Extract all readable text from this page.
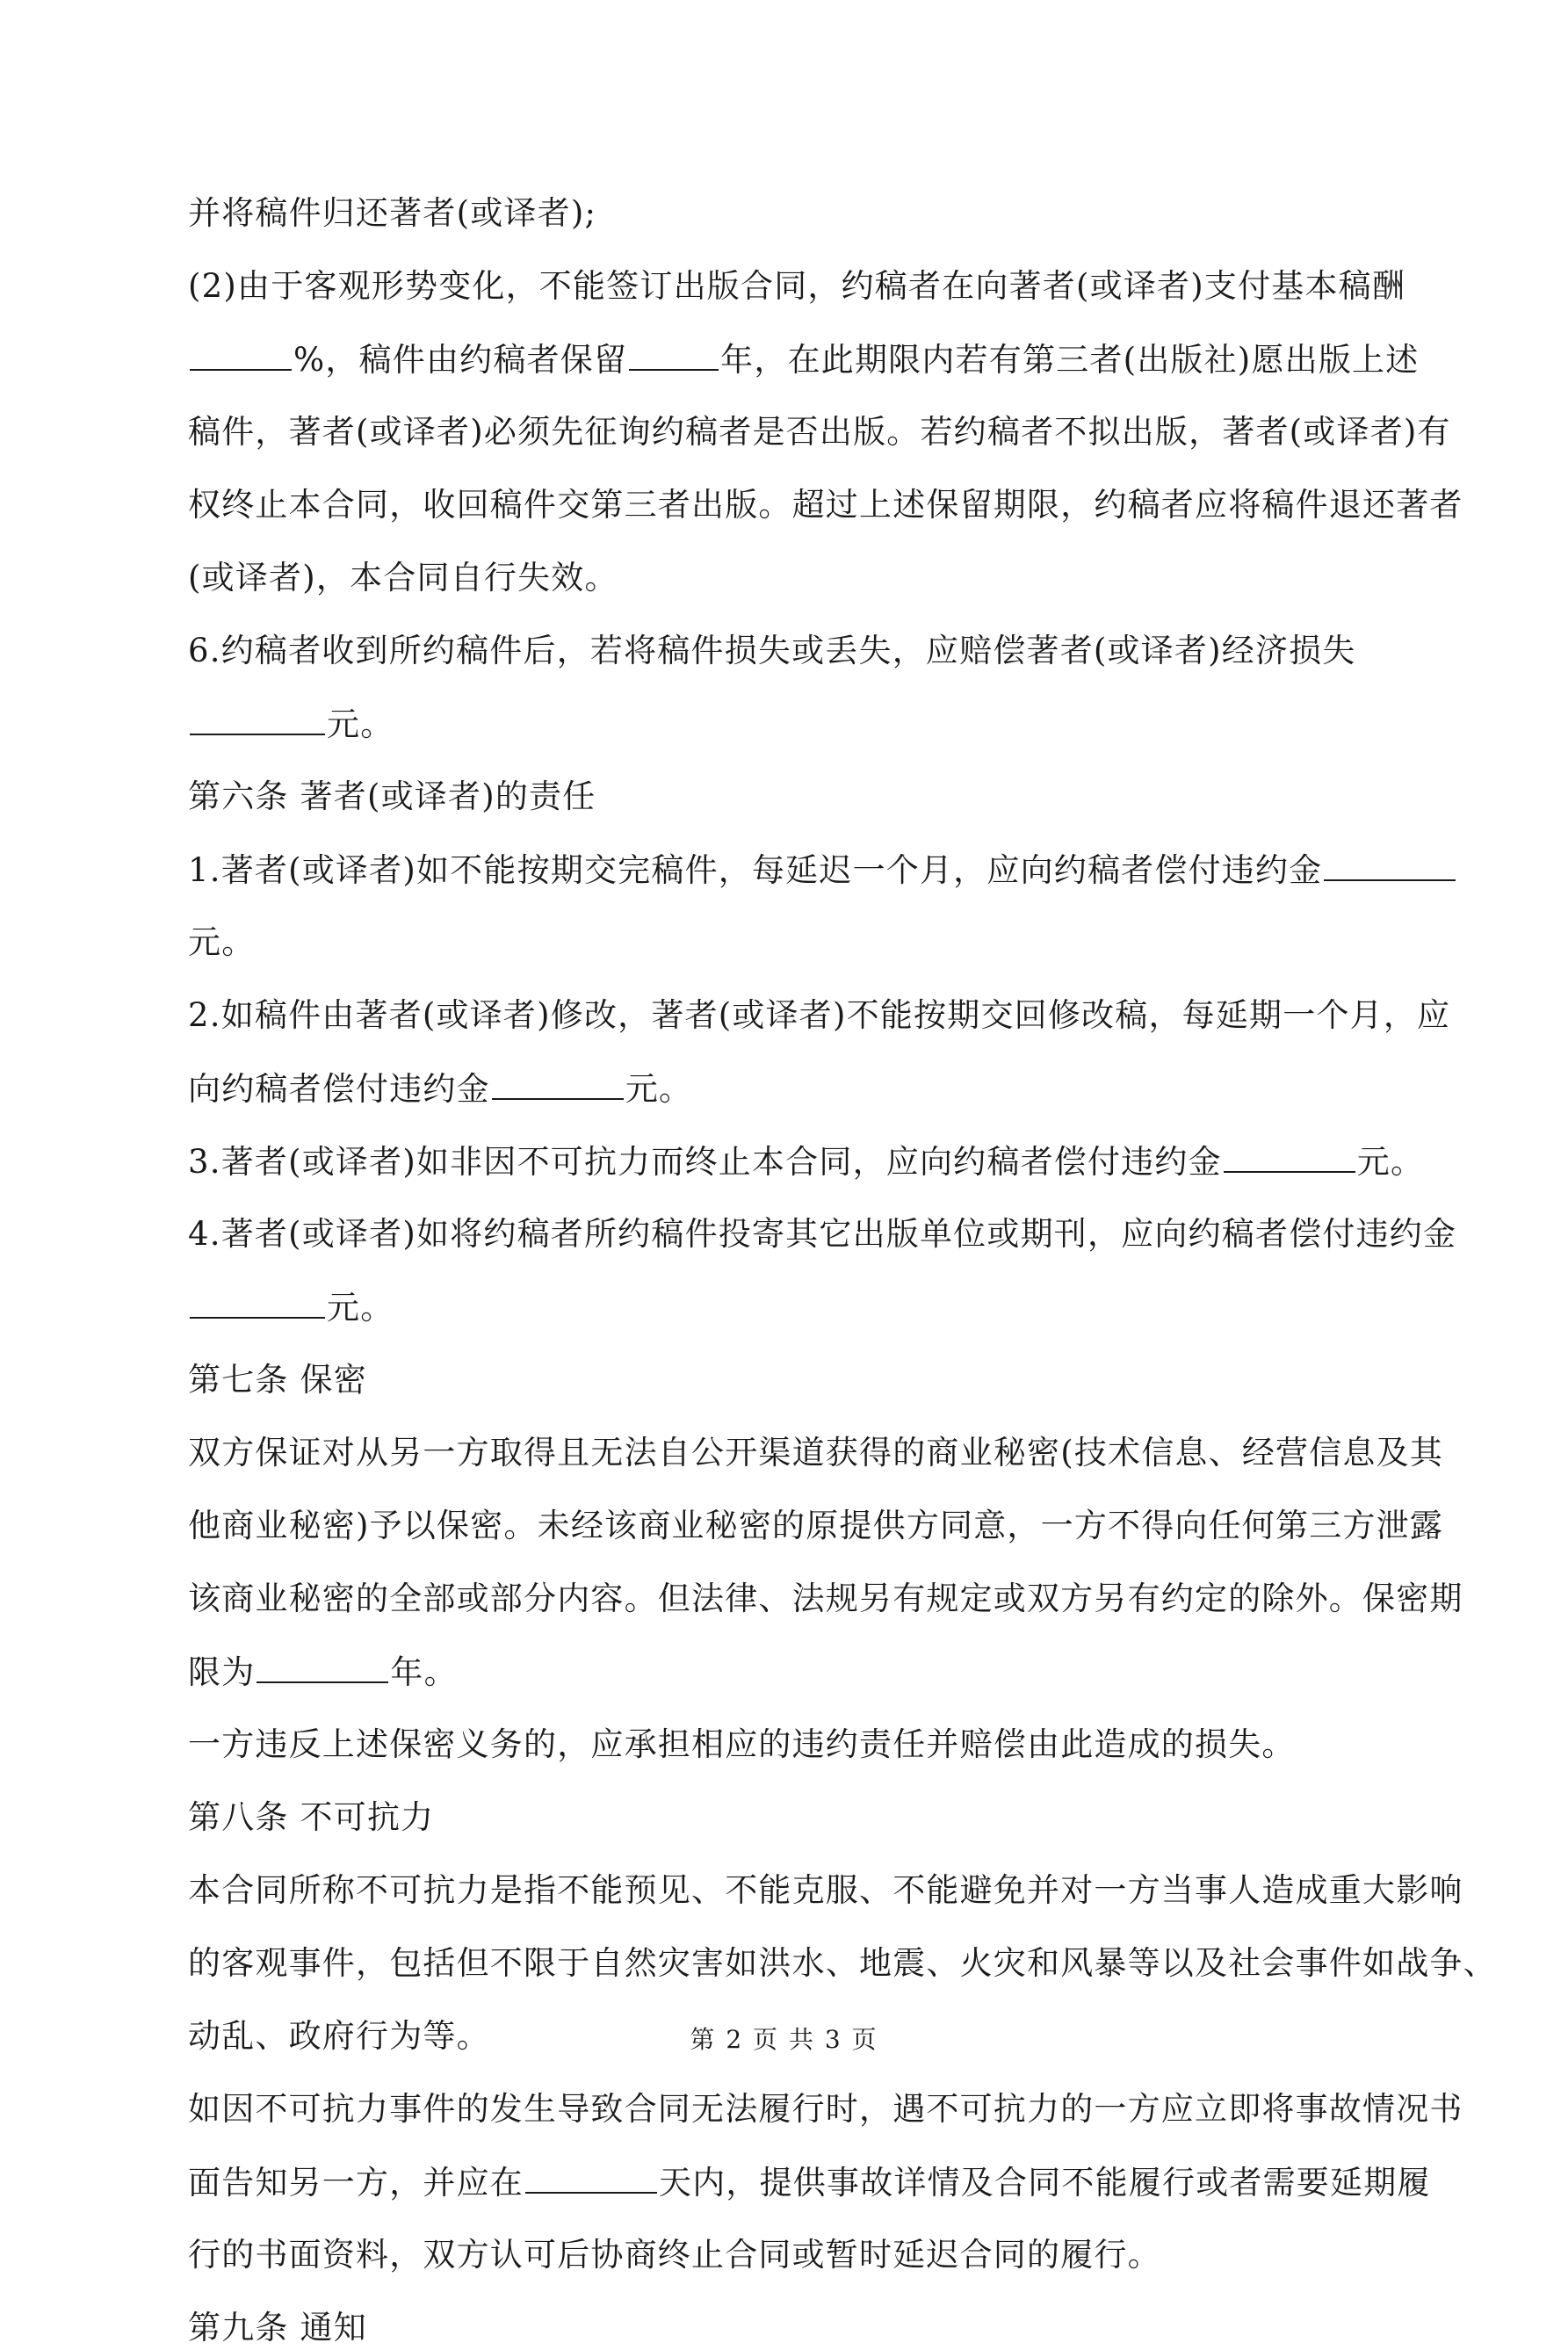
并将稿件归还著者(或译者);
(2)由于客观形势变化，不能签订出版合同，约稿者在向著者(或译者)支付基本稿酬
%，稿件由约稿者保留	年，在此期限内若有第三者(出版社)愿出版上述
稿件，著者(或译者)必须先征询约稿者是否出版。若约稿者不拟出版，著者(或译者)有
权终止本合同，收回稿件交第三者出版。超过上述保留期限，约稿者应将稿件退还著者
(或译者)，本合同自行失效。
6.约稿者收到所约稿件后，若将稿件损失或丢失，应赔偿著者(或译者)经济损失
元。
第六条 著者(或译者)的责任
1.著者(或译者)如不能按期交完稿件，每延迟一个月，应向约稿者偿付违约金
元。
2.如稿件由著者(或译者)修改，著者(或译者)不能按期交回修改稿，每延期一个月，应
向约稿者偿付违约金	元。
3.著者(或译者)如非因不可抗力而终止本合同，应向约稿者偿付违约金	元。
4.著者(或译者)如将约稿者所约稿件投寄其它出版单位或期刊，应向约稿者偿付违约金
元。
第七条 保密
双方保证对从另一方取得且无法自公开渠道获得的商业秘密(技术信息、经营信息及其
他商业秘密)予以保密。未经该商业秘密的原提供方同意，一方不得向任何第三方泄露
该商业秘密的全部或部分内容。但法律、法规另有规定或双方另有约定的除外。保密期
限为	年。
一方违反上述保密义务的，应承担相应的违约责任并赔偿由此造成的损失。
第八条 不可抗力
本合同所称不可抗力是指不能预见、不能克服、不能避免并对一方当事人造成重大影响
的客观事件，包括但不限于自然灾害如洪水、地震、火灾和风暴等以及社会事件如战争、
动乱、政府行为等。
如因不可抗力事件的发生导致合同无法履行时，遇不可抗力的一方应立即将事故情况书
面告知另一方，并应在	天内，提供事故详情及合同不能履行或者需要延期履
行的书面资料，双方认可后协商终止合同或暂时延迟合同的履行。
第九条 通知
第 2 页 共 3 页
